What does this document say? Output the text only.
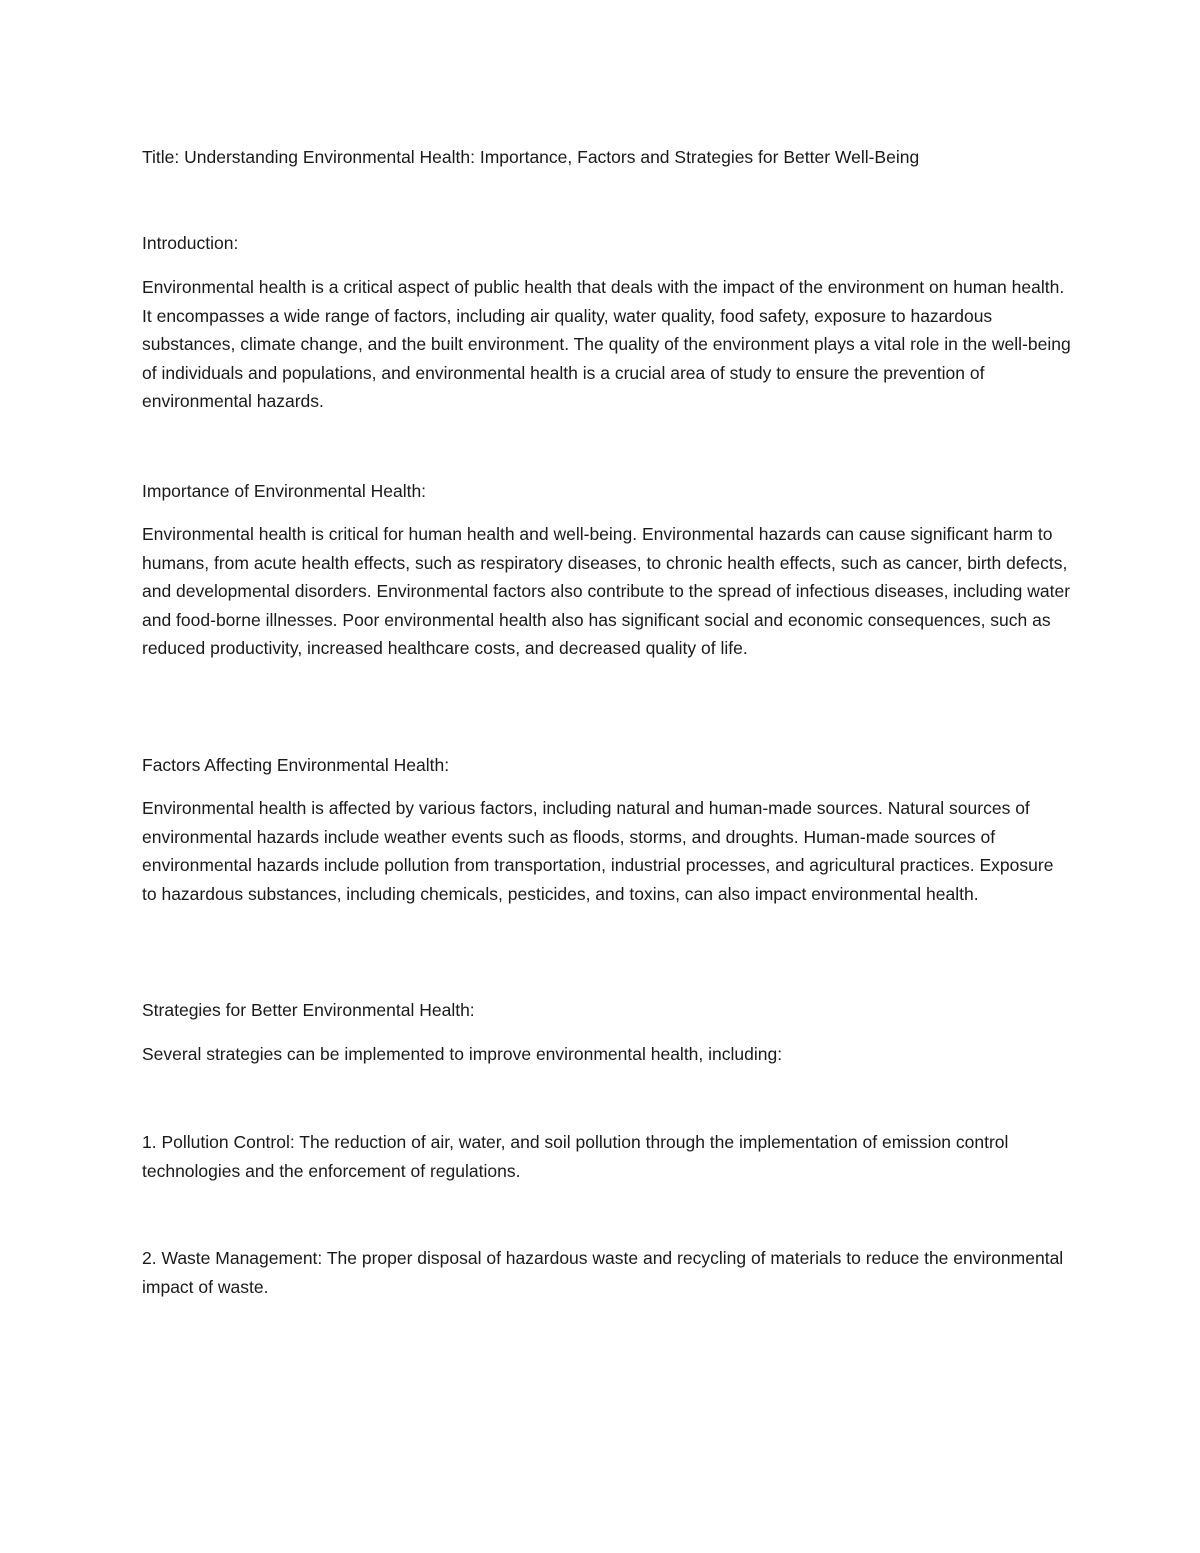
Title: Understanding Environmental Health: Importance, Factors and Strategies for Better Well-Being

Introduction:

Environmental health is a critical aspect of public health that deals with the impact of the environment on human health. It encompasses a wide range of factors, including air quality, water quality, food safety, exposure to hazardous substances, climate change, and the built environment. The quality of the environment plays a vital role in the well-being of individuals and populations, and environmental health is a crucial area of study to ensure the prevention of environmental hazards.

Importance of Environmental Health:

Environmental health is critical for human health and well-being. Environmental hazards can cause significant harm to humans, from acute health effects, such as respiratory diseases, to chronic health effects, such as cancer, birth defects, and developmental disorders. Environmental factors also contribute to the spread of infectious diseases, including water and food-borne illnesses. Poor environmental health also has significant social and economic consequences, such as reduced productivity, increased healthcare costs, and decreased quality of life.

Factors Affecting Environmental Health:

Environmental health is affected by various factors, including natural and human-made sources. Natural sources of environmental hazards include weather events such as floods, storms, and droughts. Human-made sources of environmental hazards include pollution from transportation, industrial processes, and agricultural practices. Exposure to hazardous substances, including chemicals, pesticides, and toxins, can also impact environmental health.

Strategies for Better Environmental Health:

Several strategies can be implemented to improve environmental health, including:

1. Pollution Control: The reduction of air, water, and soil pollution through the implementation of emission control technologies and the enforcement of regulations.

2. Waste Management: The proper disposal of hazardous waste and recycling of materials to reduce the environmental impact of waste.
